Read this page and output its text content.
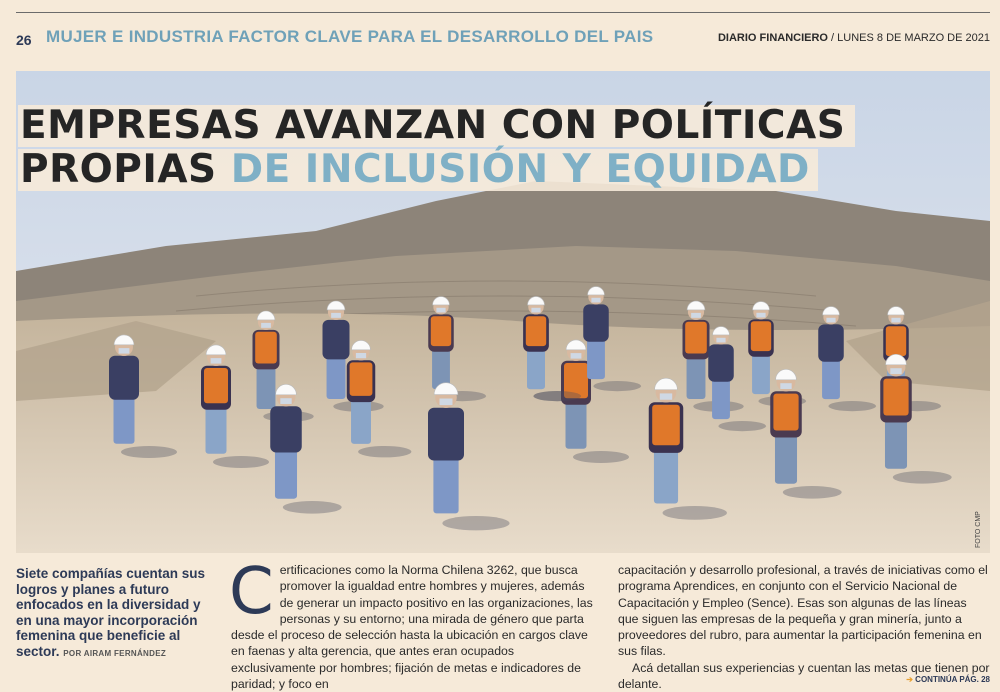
26 MUJER E INDUSTRIA FACTOR CLAVE PARA EL DESARROLLO DEL PAIS	DIARIO FINANCIERO / LUNES 8 DE MARZO DE 2021
EMPRESAS AVANZAN CON POLÍTICAS
PROPIAS DE INCLUSIÓN Y EQUIDAD
FOTO CMP
Siete compañías cuentan sus logros y planes a futuro enfocados en la diversidad y en una mayor incorporación femenina que beneficie al sector. POR AIRAM FERNÁNDEZ
Certificaciones como la Norma Chilena 3262, que busca promover la igualdad entre hombres y mujeres, además de generar un impacto positivo en las organizaciones, las personas y su entorno; una mirada de género que parta desde el proceso de selección hasta la ubicación en cargos clave en faenas y alta gerencia, que antes eran ocupados exclusivamente por hombres; fijación de metas e indicadores de paridad; y foco en
capacitación y desarrollo profesional, a través de iniciativas como el programa Aprendices, en conjunto con el Servicio Nacional de Capacitación y Empleo (Sence). Esas son algunas de las líneas que siguen las empresas de la pequeña y gran minería, junto a proveedores del rubro, para aumentar la participación femenina en sus filas.
Acá detallan sus experiencias y cuentan las metas que tienen por delante.	➔ CONTINÚA PÁG. 28
